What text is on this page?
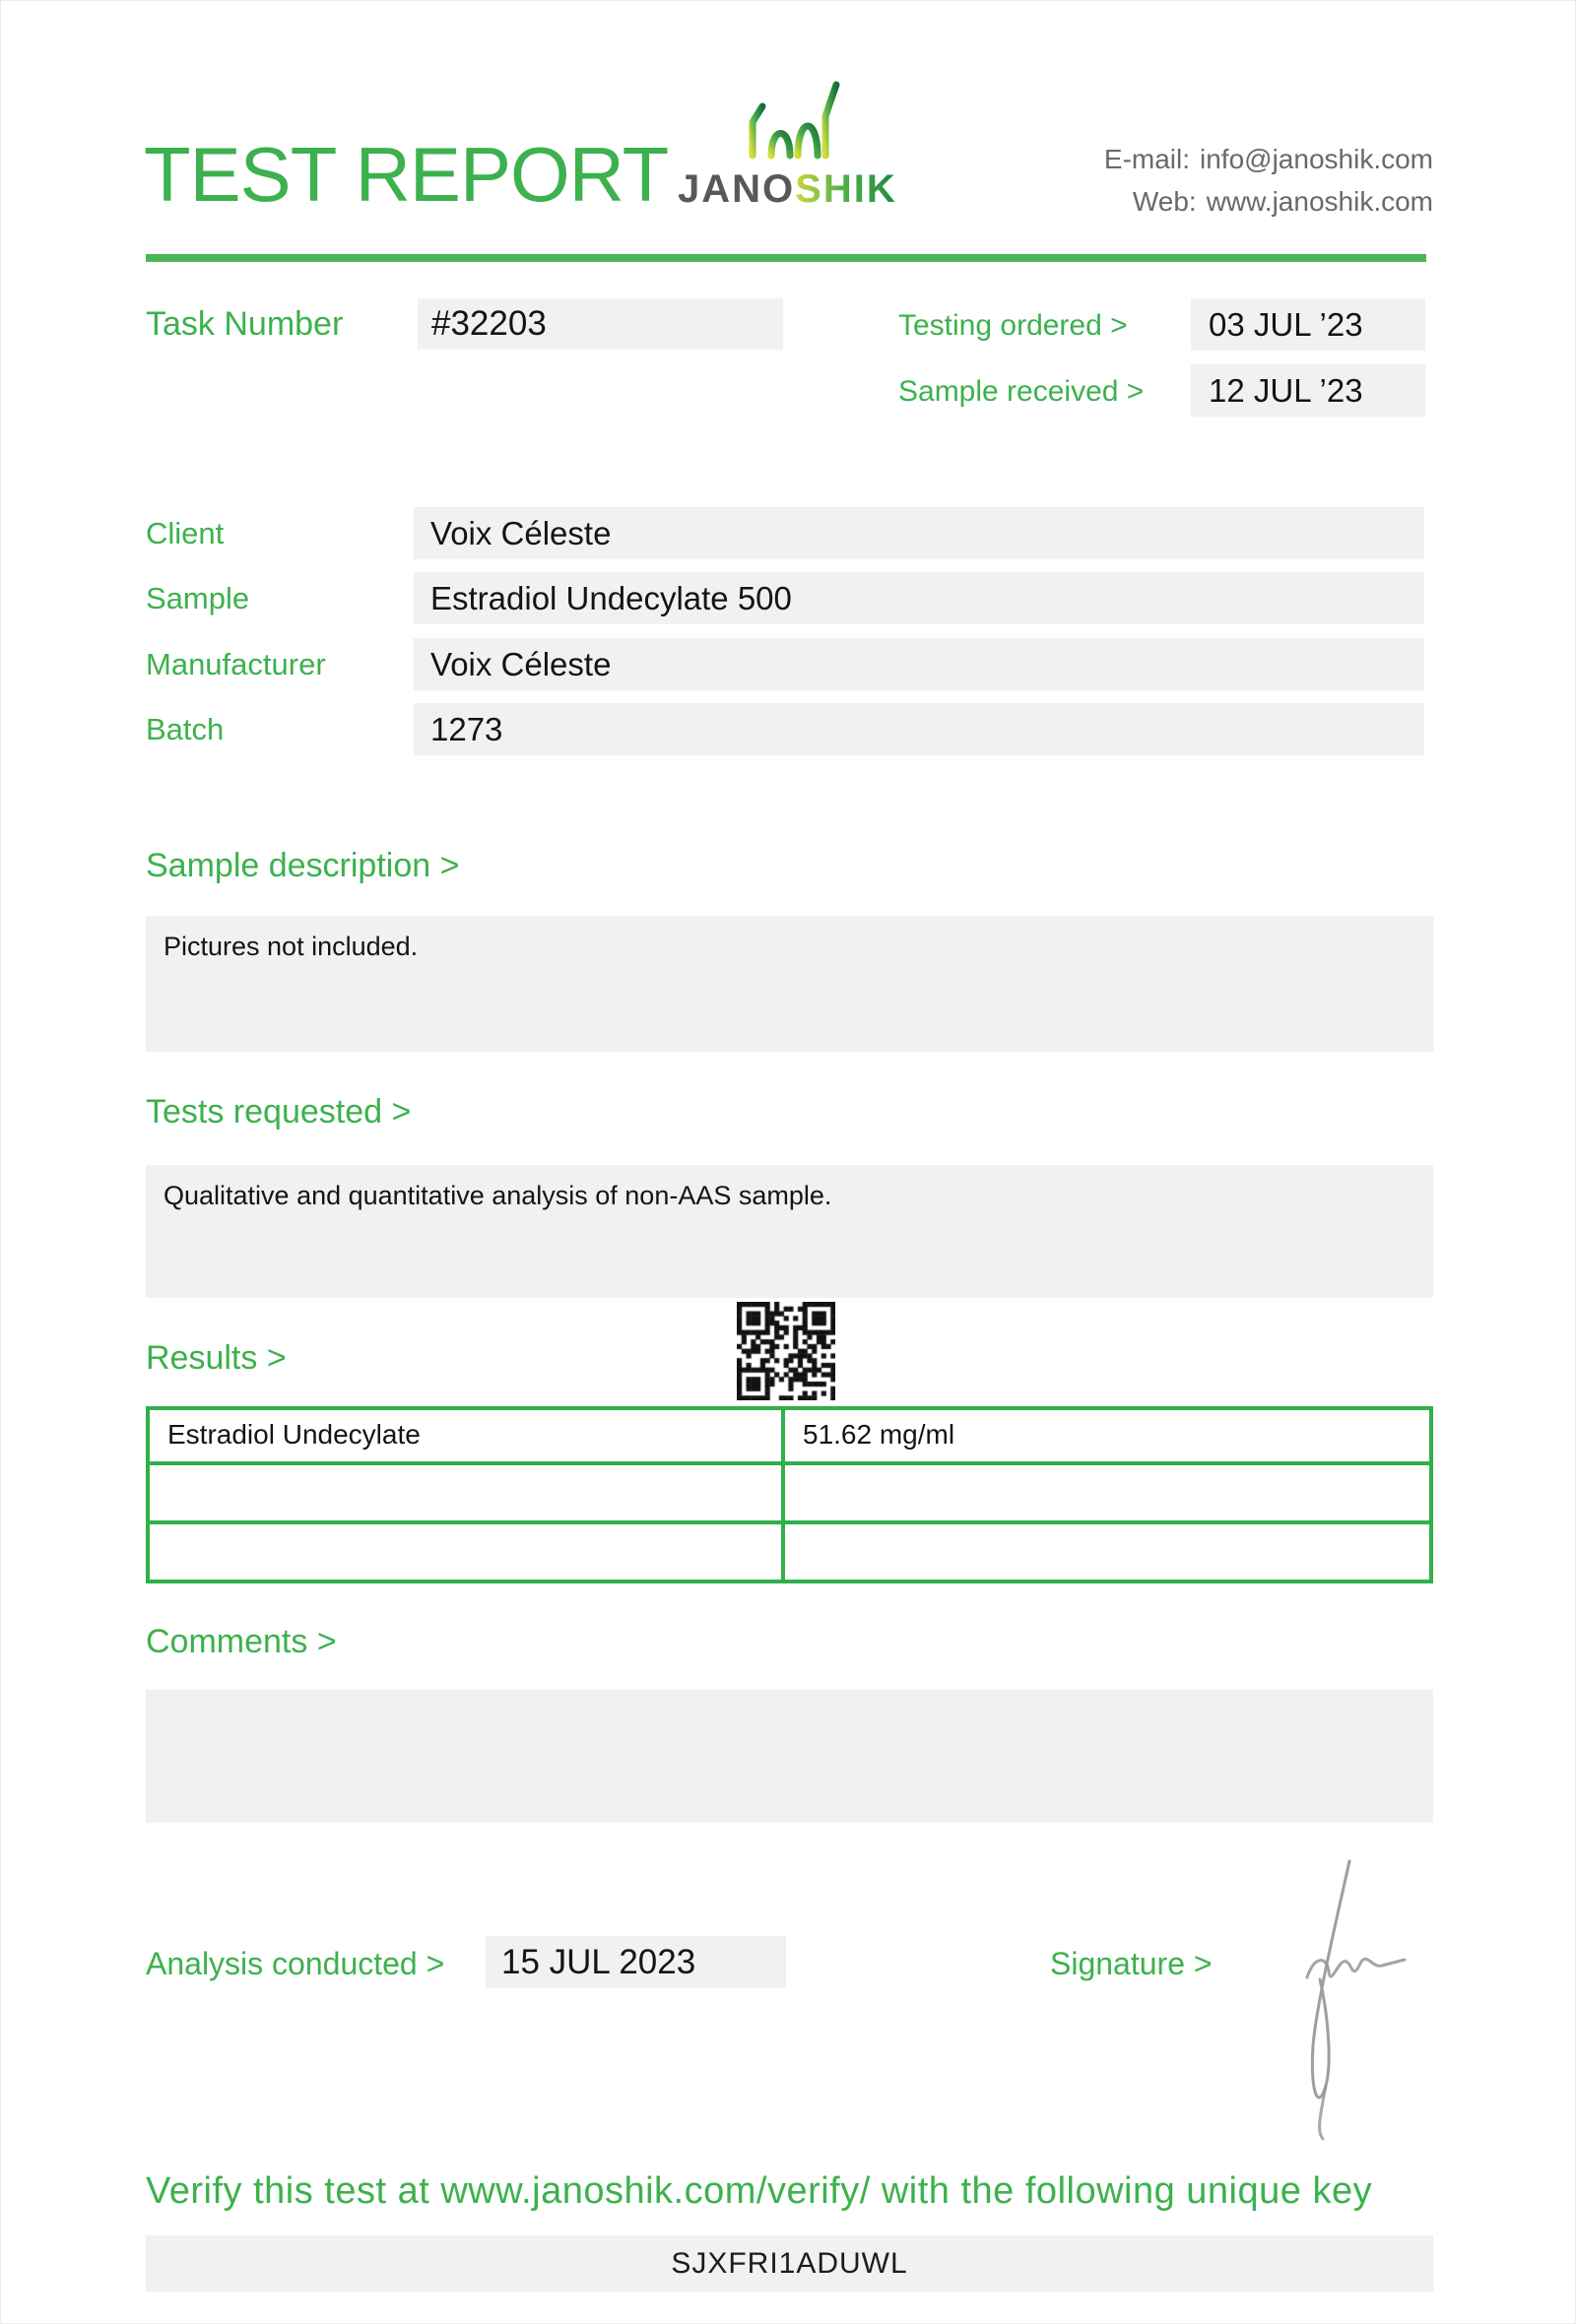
TEST REPORT JANOSHIK
E-mail: info@janoshik.com
Web: www.janoshik.com
Task Number	#32203	Testing ordered >	03 JUL ’23
Sample received >	12 JUL ’23
Client	Voix Céleste
Sample	Estradiol Undecylate 500
Manufacturer	Voix Céleste
Batch	1273
Sample description >
Pictures not included.
Tests requested >
Qualitative and quantitative analysis of non-AAS sample.
Results >
Estradiol Undecylate	51.62 mg/ml
Comments >
Analysis conducted >	15 JUL 2023	Signature >
Verify this test at www.janoshik.com/verify/ with the following unique key
SJXFRI1ADUWL
